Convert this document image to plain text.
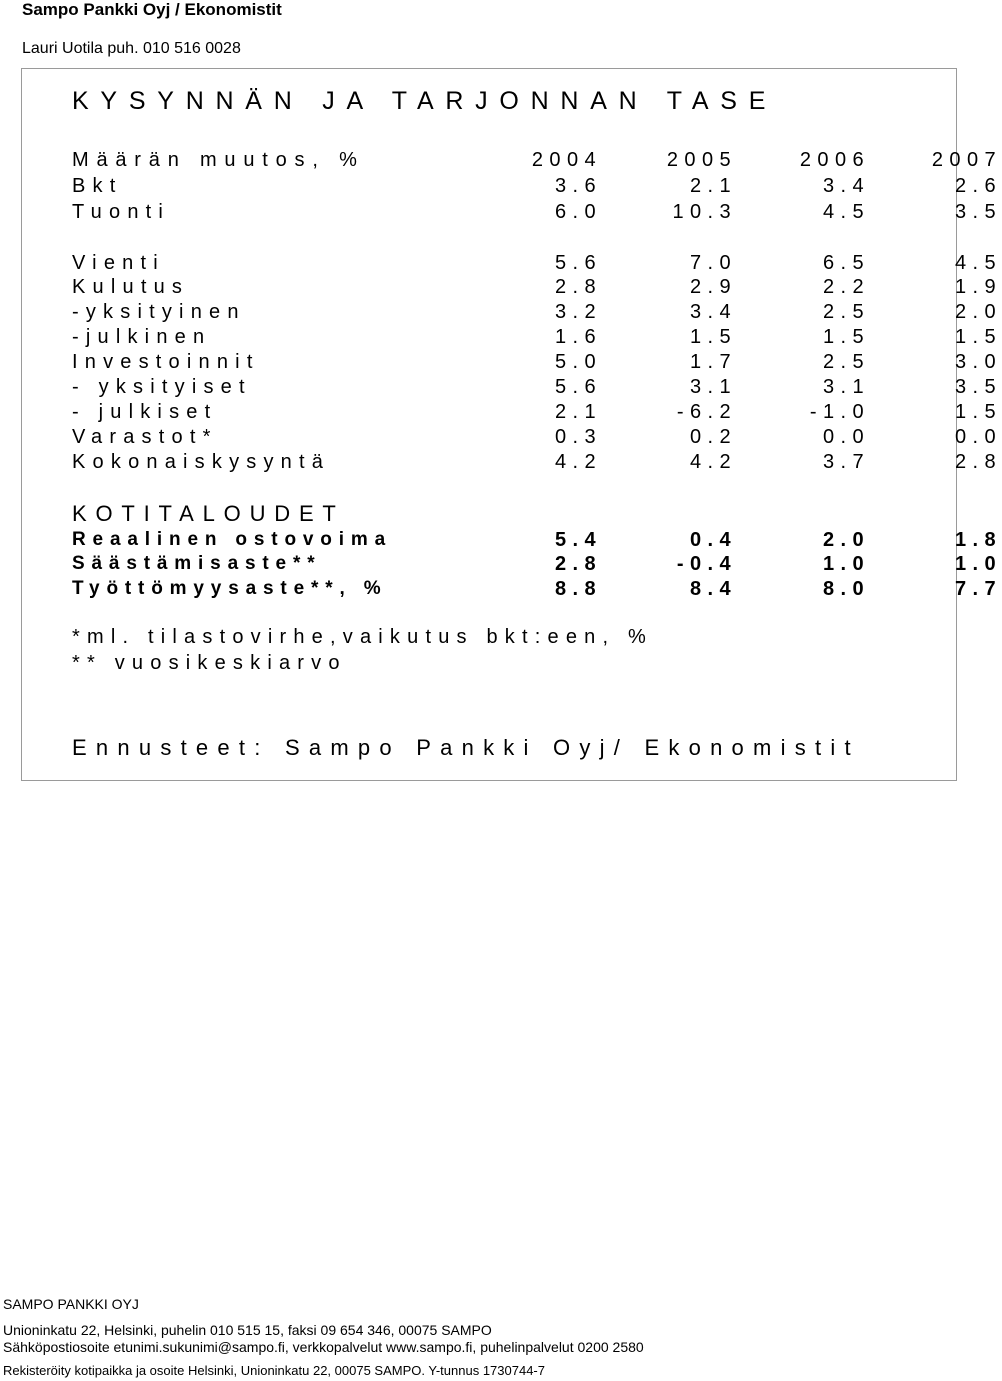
Sampo Pankki Oyj / Ekonomistit
Lauri Uotila puh. 010 516 0028
KYSYNNÄN JA TARJONNAN TASE
Määrän muutos, %	2004	2005	2006	2007
Bkt	3.6	2.1	3.4	2.6
Tuonti	6.0	10.3	4.5	3.5
Vienti	5.6	7.0	6.5	4.5
Kulutus	2.8	2.9	2.2	1.9
-yksityinen	3.2	3.4	2.5	2.0
-julkinen	1.6	1.5	1.5	1.5
Investoinnit	5.0	1.7	2.5	3.0
- yksityiset	5.6	3.1	3.1	3.5
- julkiset	2.1	-6.2	-1.0	1.5
Varastot*	0.3	0.2	0.0	0.0
Kokonaiskysyntä	4.2	4.2	3.7	2.8
KOTITALOUDET
Reaalinen ostovoima	5.4	0.4	2.0	1.8
Säästämisaste**	2.8	-0.4	1.0	1.0
Työttömyysaste**, %	8.8	8.4	8.0	7.7
*ml. tilastovirhe,vaikutus bkt:een, %
** vuosikeskiarvo
Ennusteet: Sampo Pankki Oyj/ Ekonomistit
SAMPO PANKKI OYJ
Unioninkatu 22, Helsinki, puhelin 010 515 15, faksi 09 654 346, 00075 SAMPO
Sähköpostiosoite etunimi.sukunimi@sampo.fi, verkkopalvelut www.sampo.fi, puhelinpalvelut 0200 2580
Rekisteröity kotipaikka ja osoite Helsinki, Unioninkatu 22, 00075 SAMPO. Y-tunnus 1730744-7
